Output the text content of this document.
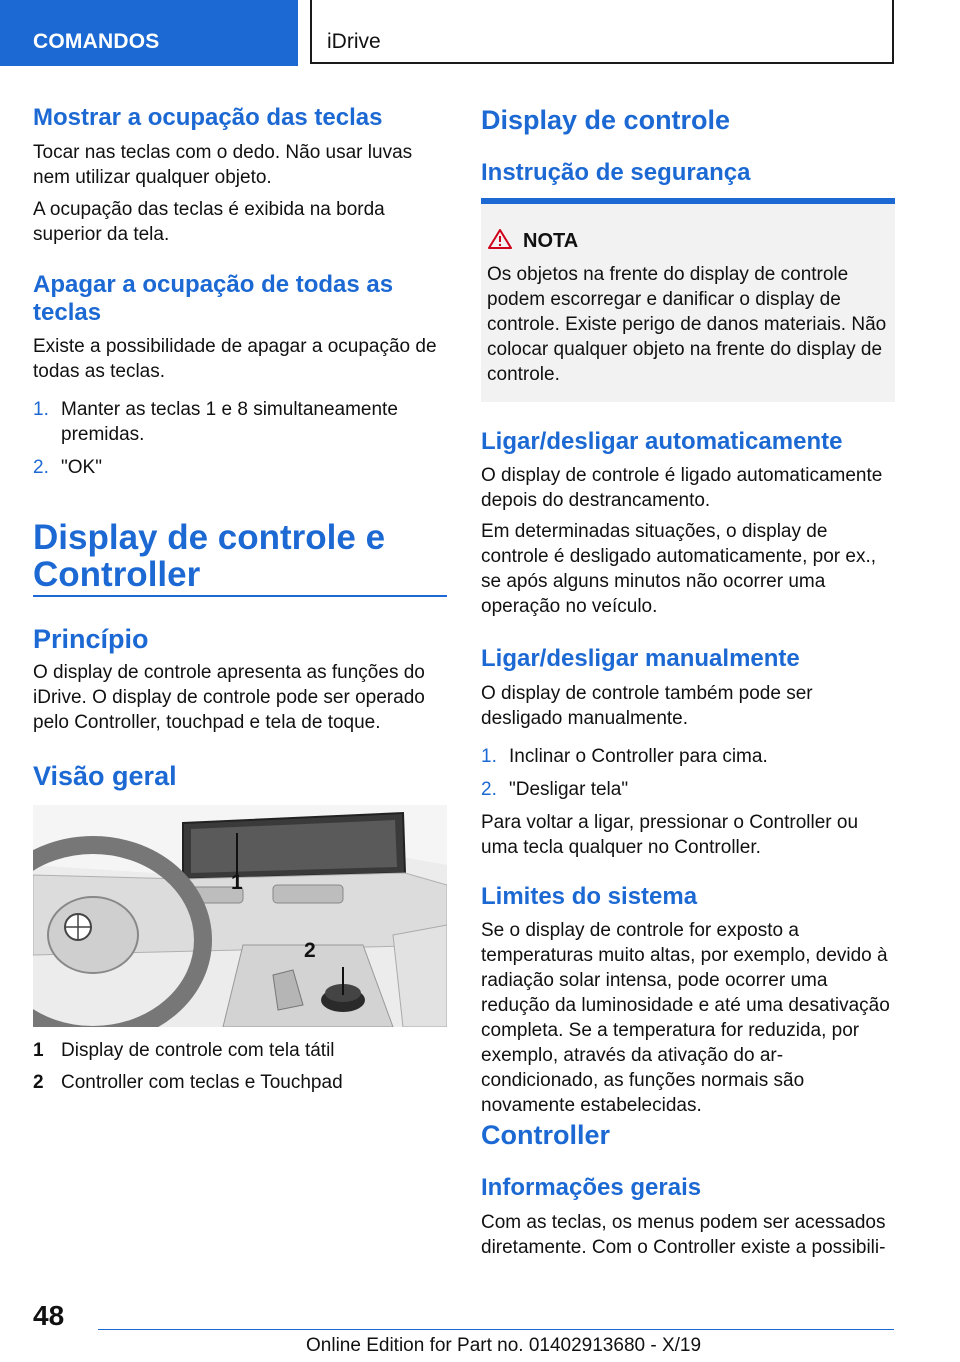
COMANDOS	iDrive
Mostrar a ocupação das teclas

Tocar nas teclas com o dedo. Não usar luvas nem utilizar qualquer objeto.

A ocupação das teclas é exibida na borda superior da tela.

Apagar a ocupação de todas as teclas

Existe a possibilidade de apagar a ocupação de todas as teclas.

1. Manter as teclas 1 e 8 simultaneamente premidas.
2. "OK"
Display de controle e Controller
Princípio

O display de controle apresenta as funções do iDrive. O display de controle pode ser operado pelo Controller, touchpad e tela de toque.

Visão geral
1
2
1 Display de controle com tela tátil
2 Controller com teclas e Touchpad
Display de controle
Instrução de segurança
NOTA
Os objetos na frente do display de controle podem escorregar e danificar o display de controle. Existe perigo de danos materiais. Não colocar qualquer objeto na frente do display de controle.
Ligar/desligar automaticamente

O display de controle é ligado automaticamente depois do destrancamento.

Em determinadas situações, o display de controle é desligado automaticamente, por ex., se após alguns minutos não ocorrer uma operação no veículo.

Ligar/desligar manualmente

O display de controle também pode ser desligado manualmente.

1. Inclinar o Controller para cima.
2. "Desligar tela"

Para voltar a ligar, pressionar o Controller ou uma tecla qualquer no Controller.

Limites do sistema

Se o display de controle for exposto a temperaturas muito altas, por exemplo, devido à radiação solar intensa, pode ocorrer uma redução da luminosidade e até uma desativação completa. Se a temperatura for reduzida, por exemplo, através da ativação do ar-condicionado, as funções normais são novamente estabelecidas.

Controller
Informações gerais

Com as teclas, os menus podem ser acessados diretamente. Com o Controller existe a possibili-

48
Online Edition for Part no. 01402913680 - X/19
